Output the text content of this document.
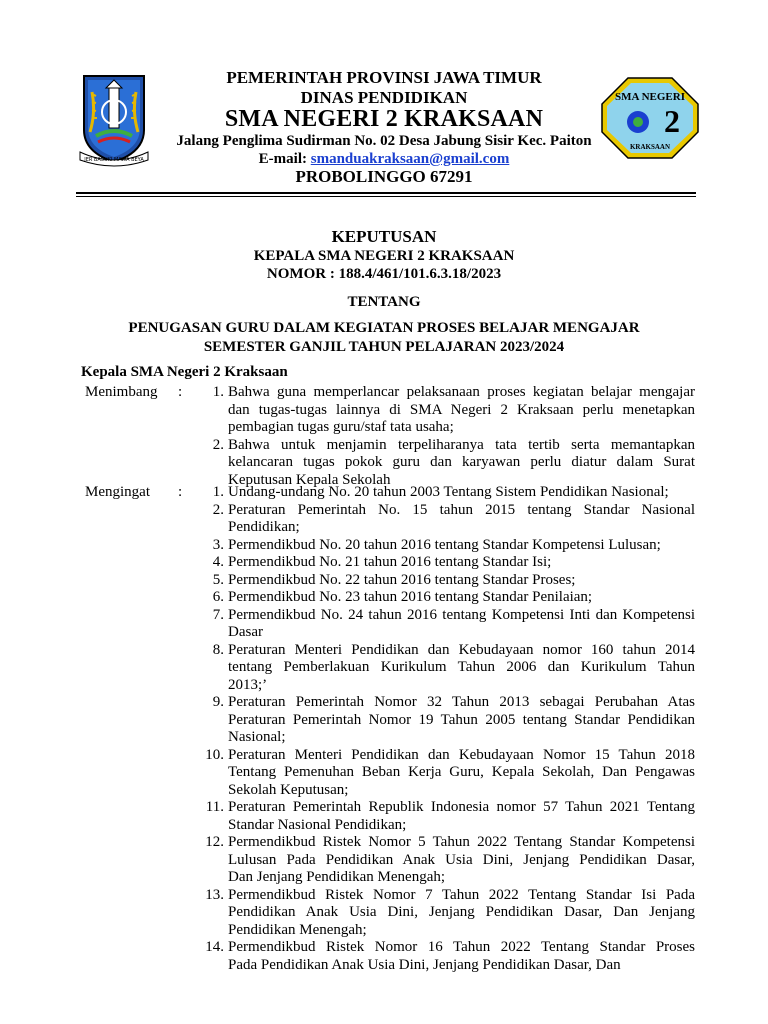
JER BASUKI MAWA BEYA
PEMERINTAH PROVINSI JAWA TIMUR
DINAS PENDIDIKAN
SMA NEGERI 2 KRAKSAAN
Jalang Penglima Sudirman No. 02 Desa Jabung Sisir Kec. Paiton
E-mail: smanduakraksaan@gmail.com
PROBOLINGGO 67291
SMA NEGERI
2
KRAKSAAN
KEPUTUSAN
KEPALA SMA NEGERI 2 KRAKSAAN
NOMOR : 188.4/461/101.6.3.18/2023
TENTANG
PENUGASAN GURU DALAM KEGIATAN PROSES BELAJAR MENGAJAR
SEMESTER GANJIL TAHUN PELAJARAN 2023/2024
Kepala SMA Negeri 2 Kraksaan
Menimbang :	1. Bahwa guna memperlancar pelaksanaan proses kegiatan belajar mengajar
dan tugas-tugas lainnya di SMA Negeri 2 Kraksaan perlu menetapkan
pembagian tugas guru/staf tata usaha;
2. Bahwa untuk menjamin terpeliharanya tata tertib serta memantapkan
kelancaran tugas pokok guru dan karyawan perlu diatur dalam Surat
Keputusan Kepala Sekolah
Mengingat :	1. Undang-undang No. 20 tahun 2003 Tentang Sistem Pendidikan Nasional;
2. Peraturan Pemerintah No. 15 tahun 2015 tentang Standar Nasional
Pendidikan;
3. Permendikbud No. 20 tahun 2016 tentang Standar Kompetensi Lulusan;
4. Permendikbud No. 21 tahun 2016 tentang Standar Isi;
5. Permendikbud No. 22 tahun 2016 tentang Standar Proses;
6. Permendikbud No. 23 tahun 2016 tentang Standar Penilaian;
7. Permendikbud No. 24 tahun 2016 tentang Kompetensi Inti dan Kompetensi
Dasar
8. Peraturan Menteri Pendidikan dan Kebudayaan nomor 160 tahun 2014
tentang Pemberlakuan Kurikulum Tahun 2006 dan Kurikulum Tahun
2013;’
9. Peraturan Pemerintah Nomor 32 Tahun 2013 sebagai Perubahan Atas
Peraturan Pemerintah Nomor 19 Tahun 2005 tentang Standar Pendidikan
Nasional;
10. Peraturan Menteri Pendidikan dan Kebudayaan Nomor 15 Tahun 2018
Tentang Pemenuhan Beban Kerja Guru, Kepala Sekolah, Dan Pengawas
Sekolah Keputusan;
11. Peraturan Pemerintah Republik Indonesia nomor 57 Tahun 2021 Tentang
Standar Nasional Pendidikan;
12. Permendikbud Ristek Nomor 5 Tahun 2022 Tentang Standar Kompetensi
Lulusan Pada Pendidikan Anak Usia Dini, Jenjang Pendidikan Dasar,
Dan Jenjang Pendidikan Menengah;
13. Permendikbud Ristek Nomor 7 Tahun 2022 Tentang Standar Isi Pada
Pendidikan Anak Usia Dini, Jenjang Pendidikan Dasar, Dan Jenjang
Pendidikan Menengah;
14. Permendikbud Ristek Nomor 16 Tahun 2022 Tentang Standar Proses
Pada Pendidikan Anak Usia Dini, Jenjang Pendidikan Dasar, Dan
